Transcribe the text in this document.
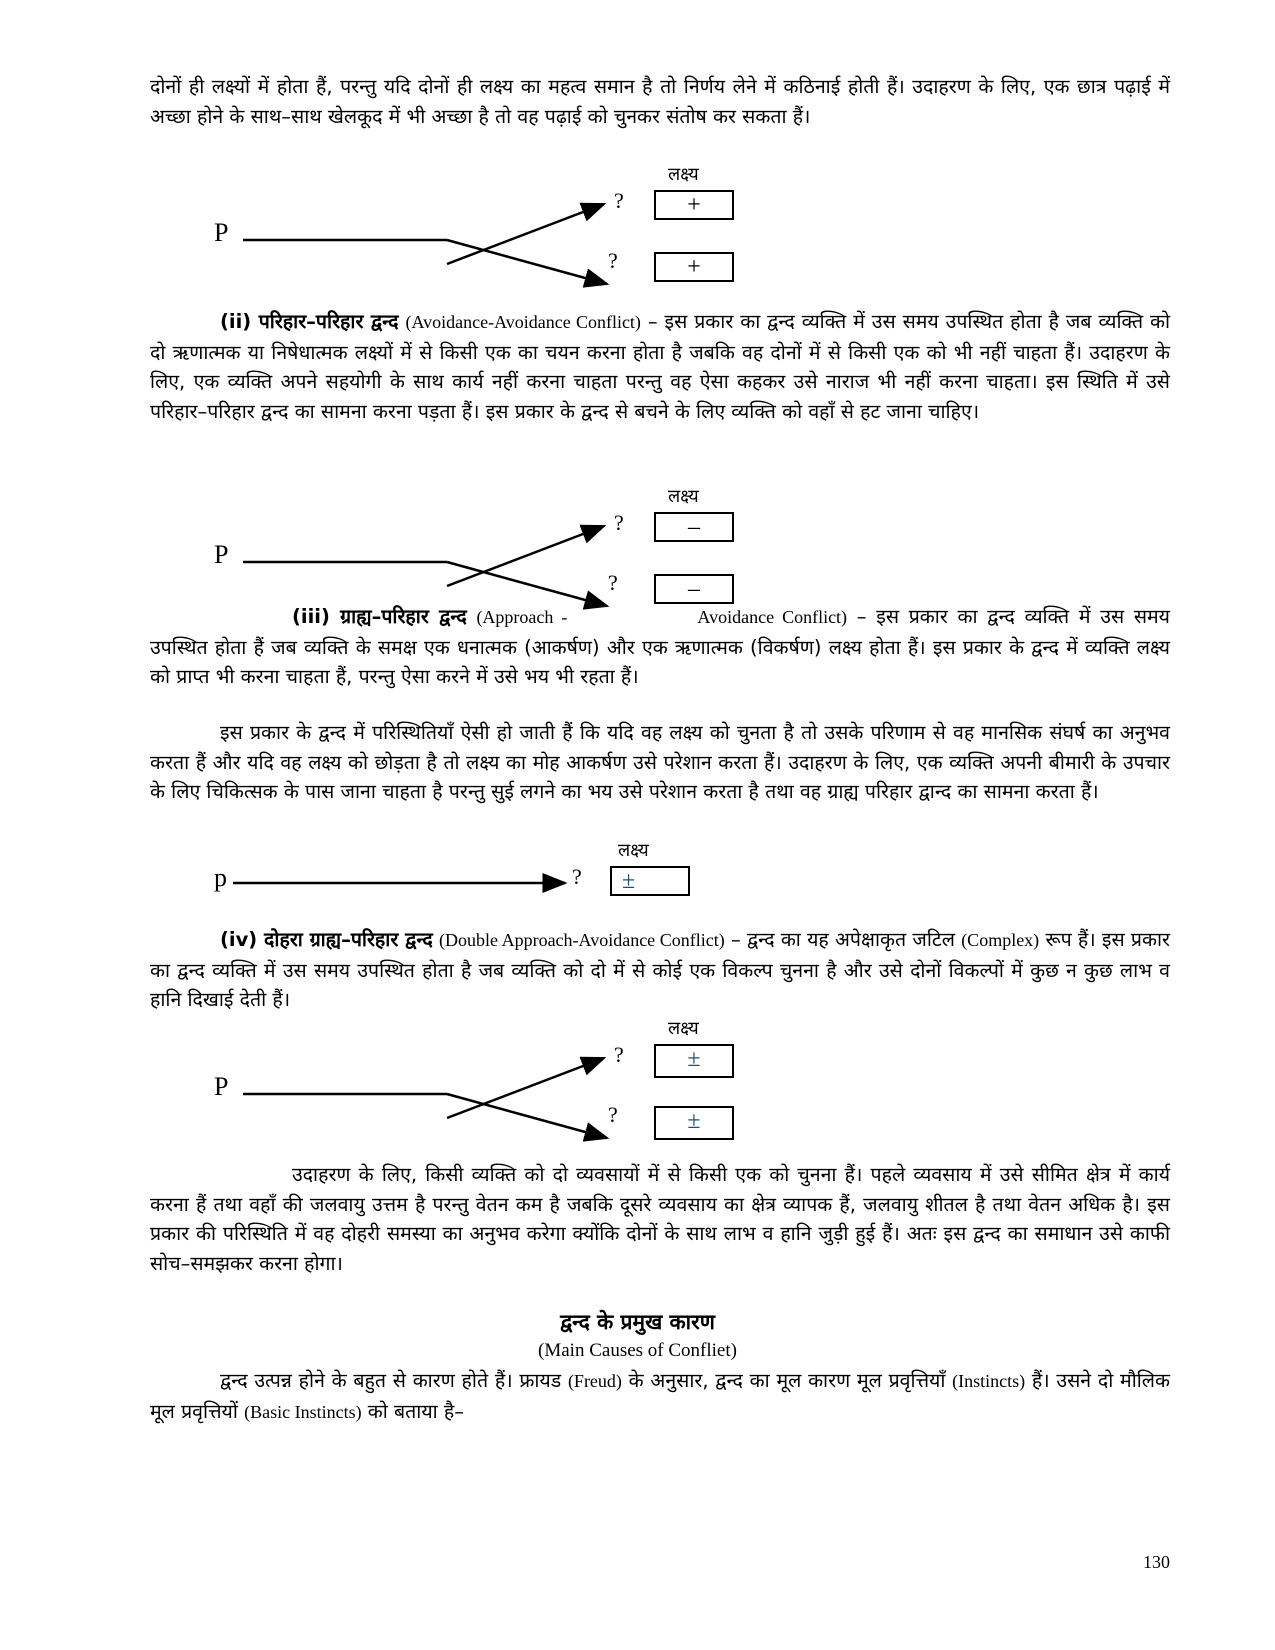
दोनों ही लक्ष्यों में होता हैं, परन्तु यदि दोनों ही लक्ष्य का महत्व समान है तो निर्णय लेने में कठिनाई होती हैं। उदाहरण के लिए, एक छात्र पढ़ाई में अच्छा होने के साथ–साथ खेलकूद में भी अच्छा है तो वह पढ़ाई को चुनकर संतोष कर सकता हैं।
P
लक्ष्य
?
?
+
+
(ii) परिहार–परिहार द्वन्द (Avoidance-Avoidance Conflict) – इस प्रकार का द्वन्द व्यक्ति में उस समय उपस्थित होता है जब व्यक्ति को दो ऋणात्मक या निषेधात्मक लक्ष्यों में से किसी एक का चयन करना होता है जबकि वह दोनों में से किसी एक को भी नहीं चाहता हैं। उदाहरण के लिए, एक व्यक्ति अपने सहयोगी के साथ कार्य नहीं करना चाहता परन्तु वह ऐसा कहकर उसे नाराज भी नहीं करना चाहता। इस स्थिति में उसे परिहार–परिहार द्वन्द का सामना करना पड़ता हैं। इस प्रकार के द्वन्द से बचने के लिए व्यक्ति को वहाँ से हट जाना चाहिए।
P
लक्ष्य
?
?
–
–
(iii) ग्राह्य–परिहार द्वन्द (Approach -	Avoidance Conflict) – इस प्रकार का द्वन्द व्यक्ति में उस समय उपस्थित होता हैं जब व्यक्ति के समक्ष एक धनात्मक (आकर्षण) और एक ऋणात्मक (विकर्षण) लक्ष्य होता हैं। इस प्रकार के द्वन्द में व्यक्ति लक्ष्य को प्राप्त भी करना चाहता हैं, परन्तु ऐसा करने में उसे भय भी रहता हैं।
इस प्रकार के द्वन्द में परिस्थितियाँ ऐसी हो जाती हैं कि यदि वह लक्ष्य को चुनता है तो उसके परिणाम से वह मानसिक संघर्ष का अनुभव करता हैं और यदि वह लक्ष्य को छोड़ता है तो लक्ष्य का मोह आकर्षण उसे परेशान करता हैं। उदाहरण के लिए, एक व्यक्ति अपनी बीमारी के उपचार के लिए चिकित्सक के पास जाना चाहता है परन्तु सुई लगने का भय उसे परेशान करता है तथा वह ग्राह्य परिहार द्वान्द का सामना करता हैं।
p
लक्ष्य
?	±
(iv) दोहरा ग्राह्य–परिहार द्वन्द (Double Approach-Avoidance Conflict) – द्वन्द का यह अपेक्षाकृत जटिल (Complex) रूप हैं। इस प्रकार का द्वन्द व्यक्ति में उस समय उपस्थित होता है जब व्यक्ति को दो में से कोई एक विकल्प चुनना है और उसे दोनों विकल्पों में कुछ न कुछ लाभ व हानि दिखाई देती हैं।
P
लक्ष्य
?
?
±
±
उदाहरण के लिए, किसी व्यक्ति को दो व्यवसायों में से किसी एक को चुनना हैं। पहले व्यवसाय में उसे सीमित क्षेत्र में कार्य करना हैं तथा वहाँ की जलवायु उत्तम है परन्तु वेतन कम है जबकि दूसरे व्यवसाय का क्षेत्र व्यापक हैं, जलवायु शीतल है तथा वेतन अधिक है। इस प्रकार की परिस्थिति में वह दोहरी समस्या का अनुभव करेगा क्योंकि दोनों के साथ लाभ व हानि जुड़ी हुई हैं। अतः इस द्वन्द का समाधान उसे काफी सोच–समझकर करना होगा।
द्वन्द के प्रमुख कारण
(Main Causes of Confliet)
द्वन्द उत्पन्न होने के बहुत से कारण होते हैं। फ्रायड (Freud) के अनुसार, द्वन्द का मूल कारण मूल प्रवृत्तियाँ (Instincts) हैं। उसने दो मौलिक मूल प्रवृत्तियों (Basic Instincts) को बताया है–
130
